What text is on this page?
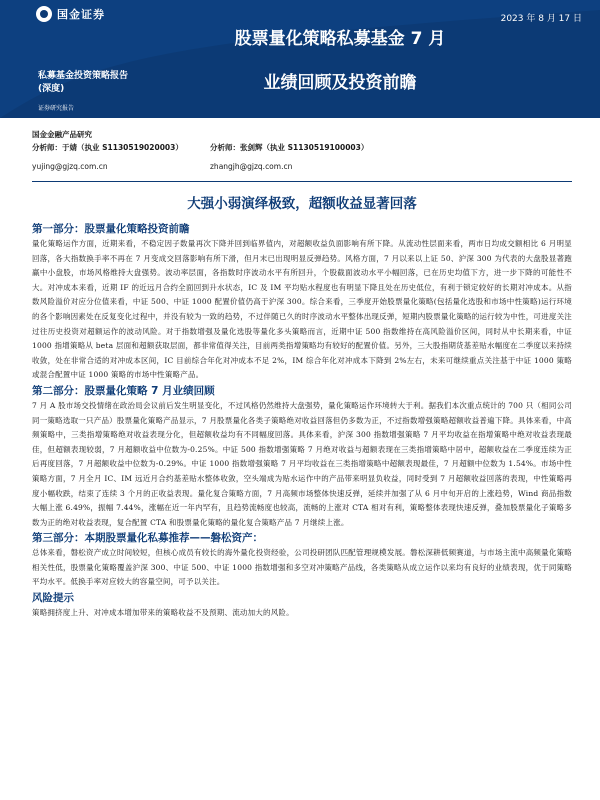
国金证券	2023 年 8 月 17 日
股票量化策略私募基金 7 月
业绩回顾及投资前瞻
私募基金投资策略报告
(深度)
证券研究报告
国金金融产品研究
分析师：于婧（执业 S1130519020003）	分析师：张剑辉（执业 S1130519100003）
yujing@gjzq.com.cn	zhangjh@gjzq.com.cn
大强小弱演绎极致，超额收益显著回落
第一部分：股票量化策略投资前瞻

量化策略运作方面，近期来看，不稳定因子数量再次下降并回到临界值内，对超额收益负面影响有所下降。从流动性层面来看，两市日均成交额相比 6 月明显回落，各大指数换手率不再在 7 月变成交回落影响有所下滑，但月末已出现明显反弹趋势。风格方面，7 月以来以上证 50、沪深 300 为代表的大盘股显著跑赢中小盘股，市场风格维持大盘强势。波动率层面，各指数时序波动水平有所回升，个股截面波动水平小幅回落，已在历史均值下方，进一步下降的可能性不大。对冲成本来看，近期 IF 的近远月合约全面回到升水状态，IC 及 IM 平均贴水程度也有明显下降且处在历史低位，有利于锁定较好的长期对冲成本。从指数风险溢价对应分位值来看，中证 500、中证 1000 配置价值仍高于沪深 300。综合来看，三季度开始股票量化策略(包括量化选股和市场中性策略)运行环境的各个影响因素处在反复变化过程中，并没有较为一致的趋势，不过伴随已久的时序波动水平整体出现反弹，短期内股票量化策略的运行较为中性，可进度关注过往历史投资对超额运作的波动风险。对于指数增强及量化选股等量化多头策略而言，近期中证 500 指数维持在高风险溢价区间，同时从中长期来看，中证 1000 指增策略从 beta 层面和超额获取层面，都非常值得关注，目前两类指增策略均有较好的配置价值。另外，三大股指期货基差贴水幅度在二季度以来持续收敛，处在非常合适的对冲成本区间，IC 目前综合年化对冲成本不足 2%，IM 综合年化对冲成本下降到 2%左右，未来可继续重点关注基于中证 1000 策略或混合配置中证 1000 策略的市场中性策略产品。

第二部分：股票量化策略 7 月业绩回顾

7 月 A 股市场交投情绪在政治局会议前后发生明显变化，不过风格仍然维持大盘强势，量化策略运作环境转大于利。据我们本次重点统计的 700 只（相同公司同一策略选取一只产品）股票量化策略产品显示，7 月股票量化各类子策略绝对收益回落但仍多数为正，不过指数增强策略超额收益普遍下降。具体来看，中高频策略中，三类指增策略绝对收益表现分化，但超额收益均有不同幅度回落。具体来看，沪深 300 指数增强策略 7 月平均收益在指增策略中绝对收益表现最佳，但超额表现较弱，7 月超额收益中位数为-0.25%。中证 500 指数增强策略 7 月绝对收益与超额表现在三类指增策略中居中，超额收益在二季度连续为正后再度回落，7 月超额收益中位数为-0.29%。中证 1000 指数增强策略 7 月平均收益在三类指增策略中超额表现最佳，7 月超额中位数为 1.54%。市场中性策略方面，7 月全月 IC、IM 远近月合约基差贴水整体收敛，空头端成为贴水运作中的产品带来明显负收益，同时受到 7 月超额收益回落的表现，中性策略再度小幅收跌，结束了连续 3 个月的正收益表现。量化复合策略方面，7 月高频市场整体快速反弹，延续并加强了从 6 月中旬开启的上涨趋势，Wind 商品指数大幅上涨 6.49%，振幅 7.44%，涨幅在近一年内罕有，且趋势流畅度也较高，流畅的上涨对 CTA 相对有利，策略整体表现快速反弹，叠加股票量化子策略多数为正的绝对收益表现，复合配置 CTA 和股票量化策略的量化复合策略产品 7 月继续上涨。

第三部分：本期股票量化私募推荐——磐松资产：

总体来看，磐松资产成立时间较短，但核心成员有较长的海外量化投资经验，公司投研团队匹配管理规模发展。磐松深耕低频赛道，与市场主流中高频量化策略相关性低，股票量化策略覆盖沪深 300、中证 500、中证 1000 指数增强和多空对冲策略产品线，各类策略从成立运作以来均有良好的业绩表现，优于同策略平均水平。低换手率对应较大的容量空间，可予以关注。

风险提示

策略拥挤度上升、对冲成本增加带来的策略收益不及预期、流动加大的风险。
